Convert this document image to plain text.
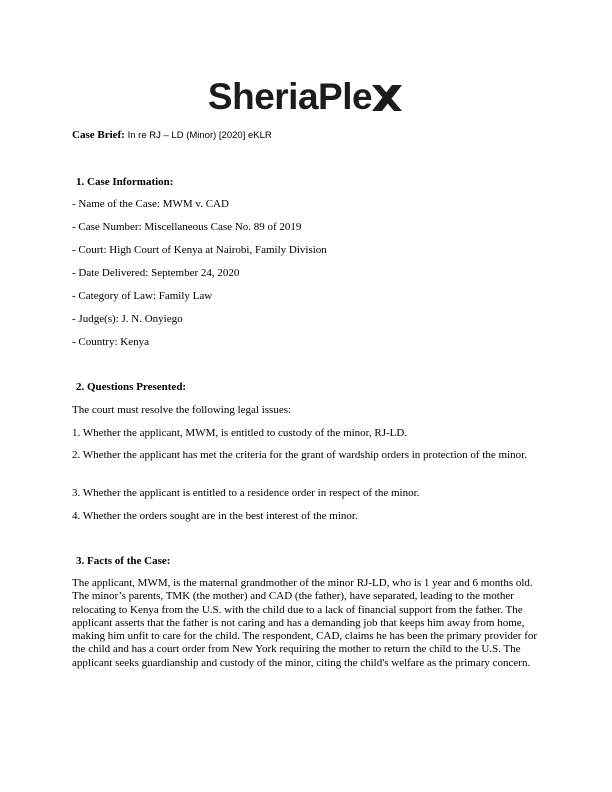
SheriaPle
Case Brief: In re RJ – LD (Minor) [2020] eKLR
1. Case Information:
- Name of the Case: MWM v. CAD
- Case Number: Miscellaneous Case No. 89 of 2019
- Court: High Court of Kenya at Nairobi, Family Division
- Date Delivered: September 24, 2020
- Category of Law: Family Law
- Judge(s): J. N. Onyiego
- Country: Kenya
2. Questions Presented:
The court must resolve the following legal issues:
1. Whether the applicant, MWM, is entitled to custody of the minor, RJ-LD.
2. Whether the applicant has met the criteria for the grant of wardship orders in protection of the minor.
3. Whether the applicant is entitled to a residence order in respect of the minor.
4. Whether the orders sought are in the best interest of the minor.
3. Facts of the Case:
The applicant, MWM, is the maternal grandmother of the minor RJ-LD, who is 1 year and 6 months old. The minor’s parents, TMK (the mother) and CAD (the father), have separated, leading to the mother relocating to Kenya from the U.S. with the child due to a lack of financial support from the father. The applicant asserts that the father is not caring and has a demanding job that keeps him away from home, making him unfit to care for the child. The respondent, CAD, claims he has been the primary provider for the child and has a court order from New York requiring the mother to return the child to the U.S. The applicant seeks guardianship and custody of the minor, citing the child's welfare as the primary concern.
